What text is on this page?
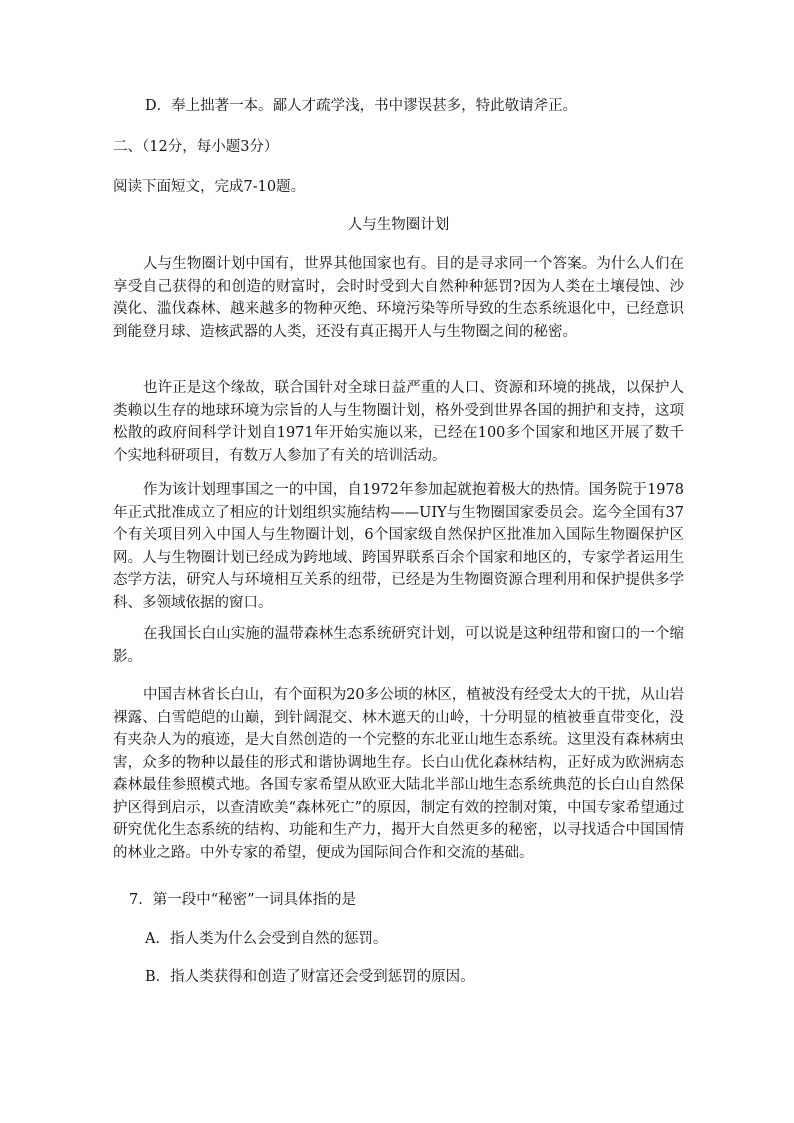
D．奉上拙著一本。鄙人才疏学浅，书中谬误甚多，特此敬请斧正。
二、（12分，每小题3分）
阅读下面短文，完成7-10题。
人与生物圈计划
人与生物圈计划中国有，世界其他国家也有。目的是寻求同一个答案。为什么人们在享受自己获得的和创造的财富时，会时时受到大自然种种惩罚?因为人类在土壤侵蚀、沙漠化、滥伐森林、越来越多的物种灭绝、环境污染等所导致的生态系统退化中，已经意识到能登月球、造核武器的人类，还没有真正揭开人与生物圈之间的秘密。
也许正是这个缘故，联合国针对全球日益严重的人口、资源和环境的挑战，以保护人类赖以生存的地球环境为宗旨的人与生物圈计划，格外受到世界各国的拥护和支持，这项松散的政府间科学计划自1971年开始实施以来，已经在100多个国家和地区开展了数千个实地科研项目，有数万人参加了有关的培训活动。
作为该计划理事国之一的中国，自1972年参加起就抱着极大的热情。国务院于1978年正式批准成立了相应的计划组织实施结构——UIY与生物圈国家委员会。迄今全国有37个有关项目列入中国人与生物圈计划，6个国家级自然保护区批准加入国际生物圈保护区网。人与生物圈计划已经成为跨地域、跨国界联系百余个国家和地区的，专家学者运用生态学方法，研究人与环境相互关系的纽带，已经是为生物圈资源合理利用和保护提供多学科、多领域依据的窗口。
在我国长白山实施的温带森林生态系统研究计划，可以说是这种纽带和窗口的一个缩影。
中国吉林省长白山，有个面积为20多公顷的林区，植被没有经受太大的干扰，从山岩裸露、白雪皑皑的山巅，到针阔混交、林木遮天的山岭，十分明显的植被垂直带变化，没有夹杂人为的痕迹，是大自然创造的一个完整的东北亚山地生态系统。这里没有森林病虫害，众多的物种以最佳的形式和谐协调地生存。长白山优化森林结构，正好成为欧洲病态森林最佳参照模式地。各国专家希望从欧亚大陆北半部山地生态系统典范的长白山自然保护区得到启示，以查清欧美“森林死亡”的原因，制定有效的控制对策，中国专家希望通过研究优化生态系统的结构、功能和生产力，揭开大自然更多的秘密，以寻找适合中国国情的林业之路。中外专家的希望，便成为国际间合作和交流的基础。
7．第一段中“秘密”一词具体指的是
A．指人类为什么会受到自然的惩罚。
B．指人类获得和创造了财富还会受到惩罚的原因。
